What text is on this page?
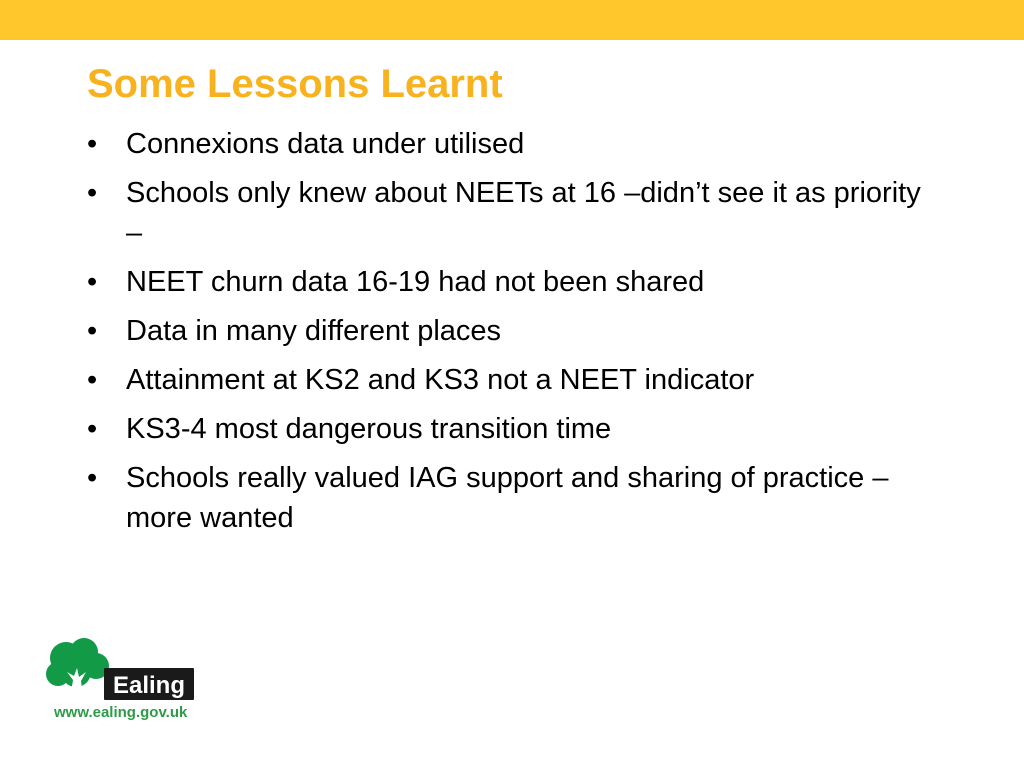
Some Lessons Learnt
• Connexions data under utilised
• Schools only knew about NEETs at 16 –didn’t see it as priority –
• NEET churn data 16-19 had not been shared
• Data in many different places
• Attainment at KS2 and KS3 not a NEET indicator
• KS3-4 most dangerous transition time
• Schools really valued IAG support and sharing of practice – more wanted
Ealing
www.ealing.gov.uk
